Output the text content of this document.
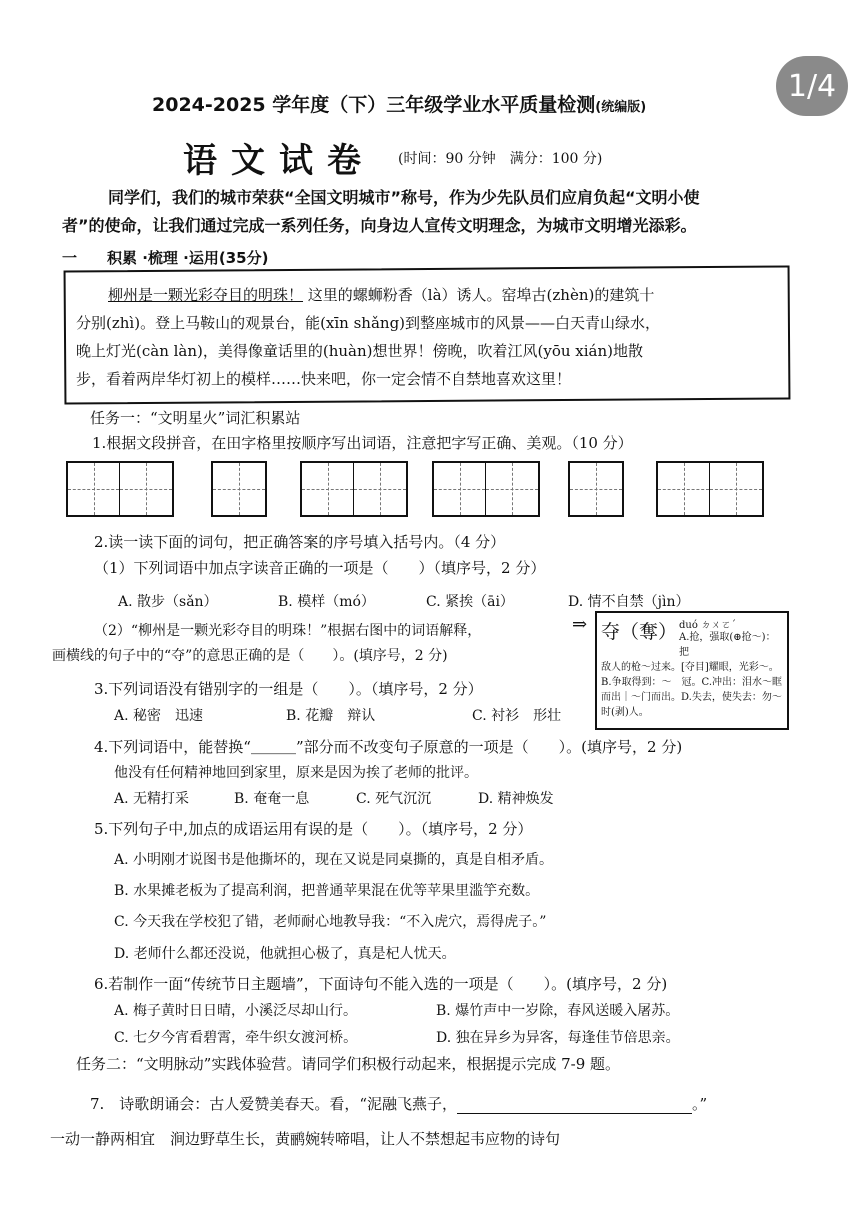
1/4
2024-2025 学年度（下）三年级学业水平质量检测(统编版)
语文试卷 (时间：90 分钟　满分：100 分)
同学们，我们的城市荣获“全国文明城市”称号，作为少先队员们应肩负起“文明小使
者”的使命，让我们通过完成一系列任务，向身边人宣传文明理念，为城市文明增光添彩。
一　　积累 ·梳理 ·运用(35分)
柳州是一颗光彩夺目的明珠！ 这里的螺蛳粉香（là）诱人。窑埠古(zhèn)的建筑十
分别(zhì)。登上马鞍山的观景台，能(xīn shǎng)到整座城市的风景——白天青山绿水，
晚上灯光(càn làn)，美得像童话里的(huàn)想世界！傍晚，吹着江风(yōu xián)地散
步，看着两岸华灯初上的模样……快来吧，你一定会情不自禁地喜欢这里！
任务一：“文明星火”词汇积累站
1.根据文段拼音，在田字格里按顺序写出词语，注意把字写正确、美观。（10 分）
2.读一读下面的词句，把正确答案的序号填入括号内。（4 分）
（1）下列词语中加点字读音正确的一项是（　　）（填序号，2 分）
A. 散步（sǎn）	B. 模样（mó）	C. 紧挨（āi）	D. 情不自禁（jìn）
（2）“柳州是一颗光彩夺目的明珠！”根据右图中的词语解释，	⇒
画横线的句子中的“夺”的意思正确的是（　　）。(填序号，2 分)
夺（奪） duó ㄉㄨㄛˊ
A.抢，强取(⊕抢～)：把
敌人的枪～过来。[夺目]耀眼，光彩～。B.争取得到：～　冠。C.冲出：泪水～眶而出｜～门而出。D.失去，使失去：勿～时(剥)人。
3.下列词语没有错别字的一组是（　　）。（填序号，2 分）
A. 秘密　迅速	B. 花瓣　辩认	C. 衬衫　形壮
4.下列词语中，能替换“＿＿＿”部分而不改变句子原意的一项是（　　）。(填序号，2 分)
他没有任何精神地回到家里，原来是因为挨了老师的批评。
A. 无精打采	B. 奄奄一息	C. 死气沉沉	D. 精神焕发
5.下列句子中,加点的成语运用有误的是（　　）。（填序号，2 分）
A. 小明刚才说图书是他撕坏的，现在又说是同桌撕的，真是自相矛盾。
B. 水果摊老板为了提高利润，把普通苹果混在优等苹果里滥竽充数。
C. 今天我在学校犯了错，老师耐心地教导我：“不入虎穴，焉得虎子。”
D. 老师什么都还没说，他就担心极了，真是杞人忧天。
6.若制作一面“传统节日主题墙”，下面诗句不能入选的一项是（　　）。(填序号，2 分)
A. 梅子黄时日日晴，小溪泛尽却山行。	B. 爆竹声中一岁除，春风送暖入屠苏。
C. 七夕今宵看碧霄，牵牛织女渡河桥。	D. 独在异乡为异客，每逢佳节倍思亲。
任务二：“文明脉动”实践体验营。请同学们积极行动起来，根据提示完成 7-9 题。
7.　诗歌朗诵会：古人爱赞美春天。看，“泥融飞燕子，	。”
一动一静两相宜　涧边野草生长，黄鹂婉转啼唱，让人不禁想起韦应物的诗句
